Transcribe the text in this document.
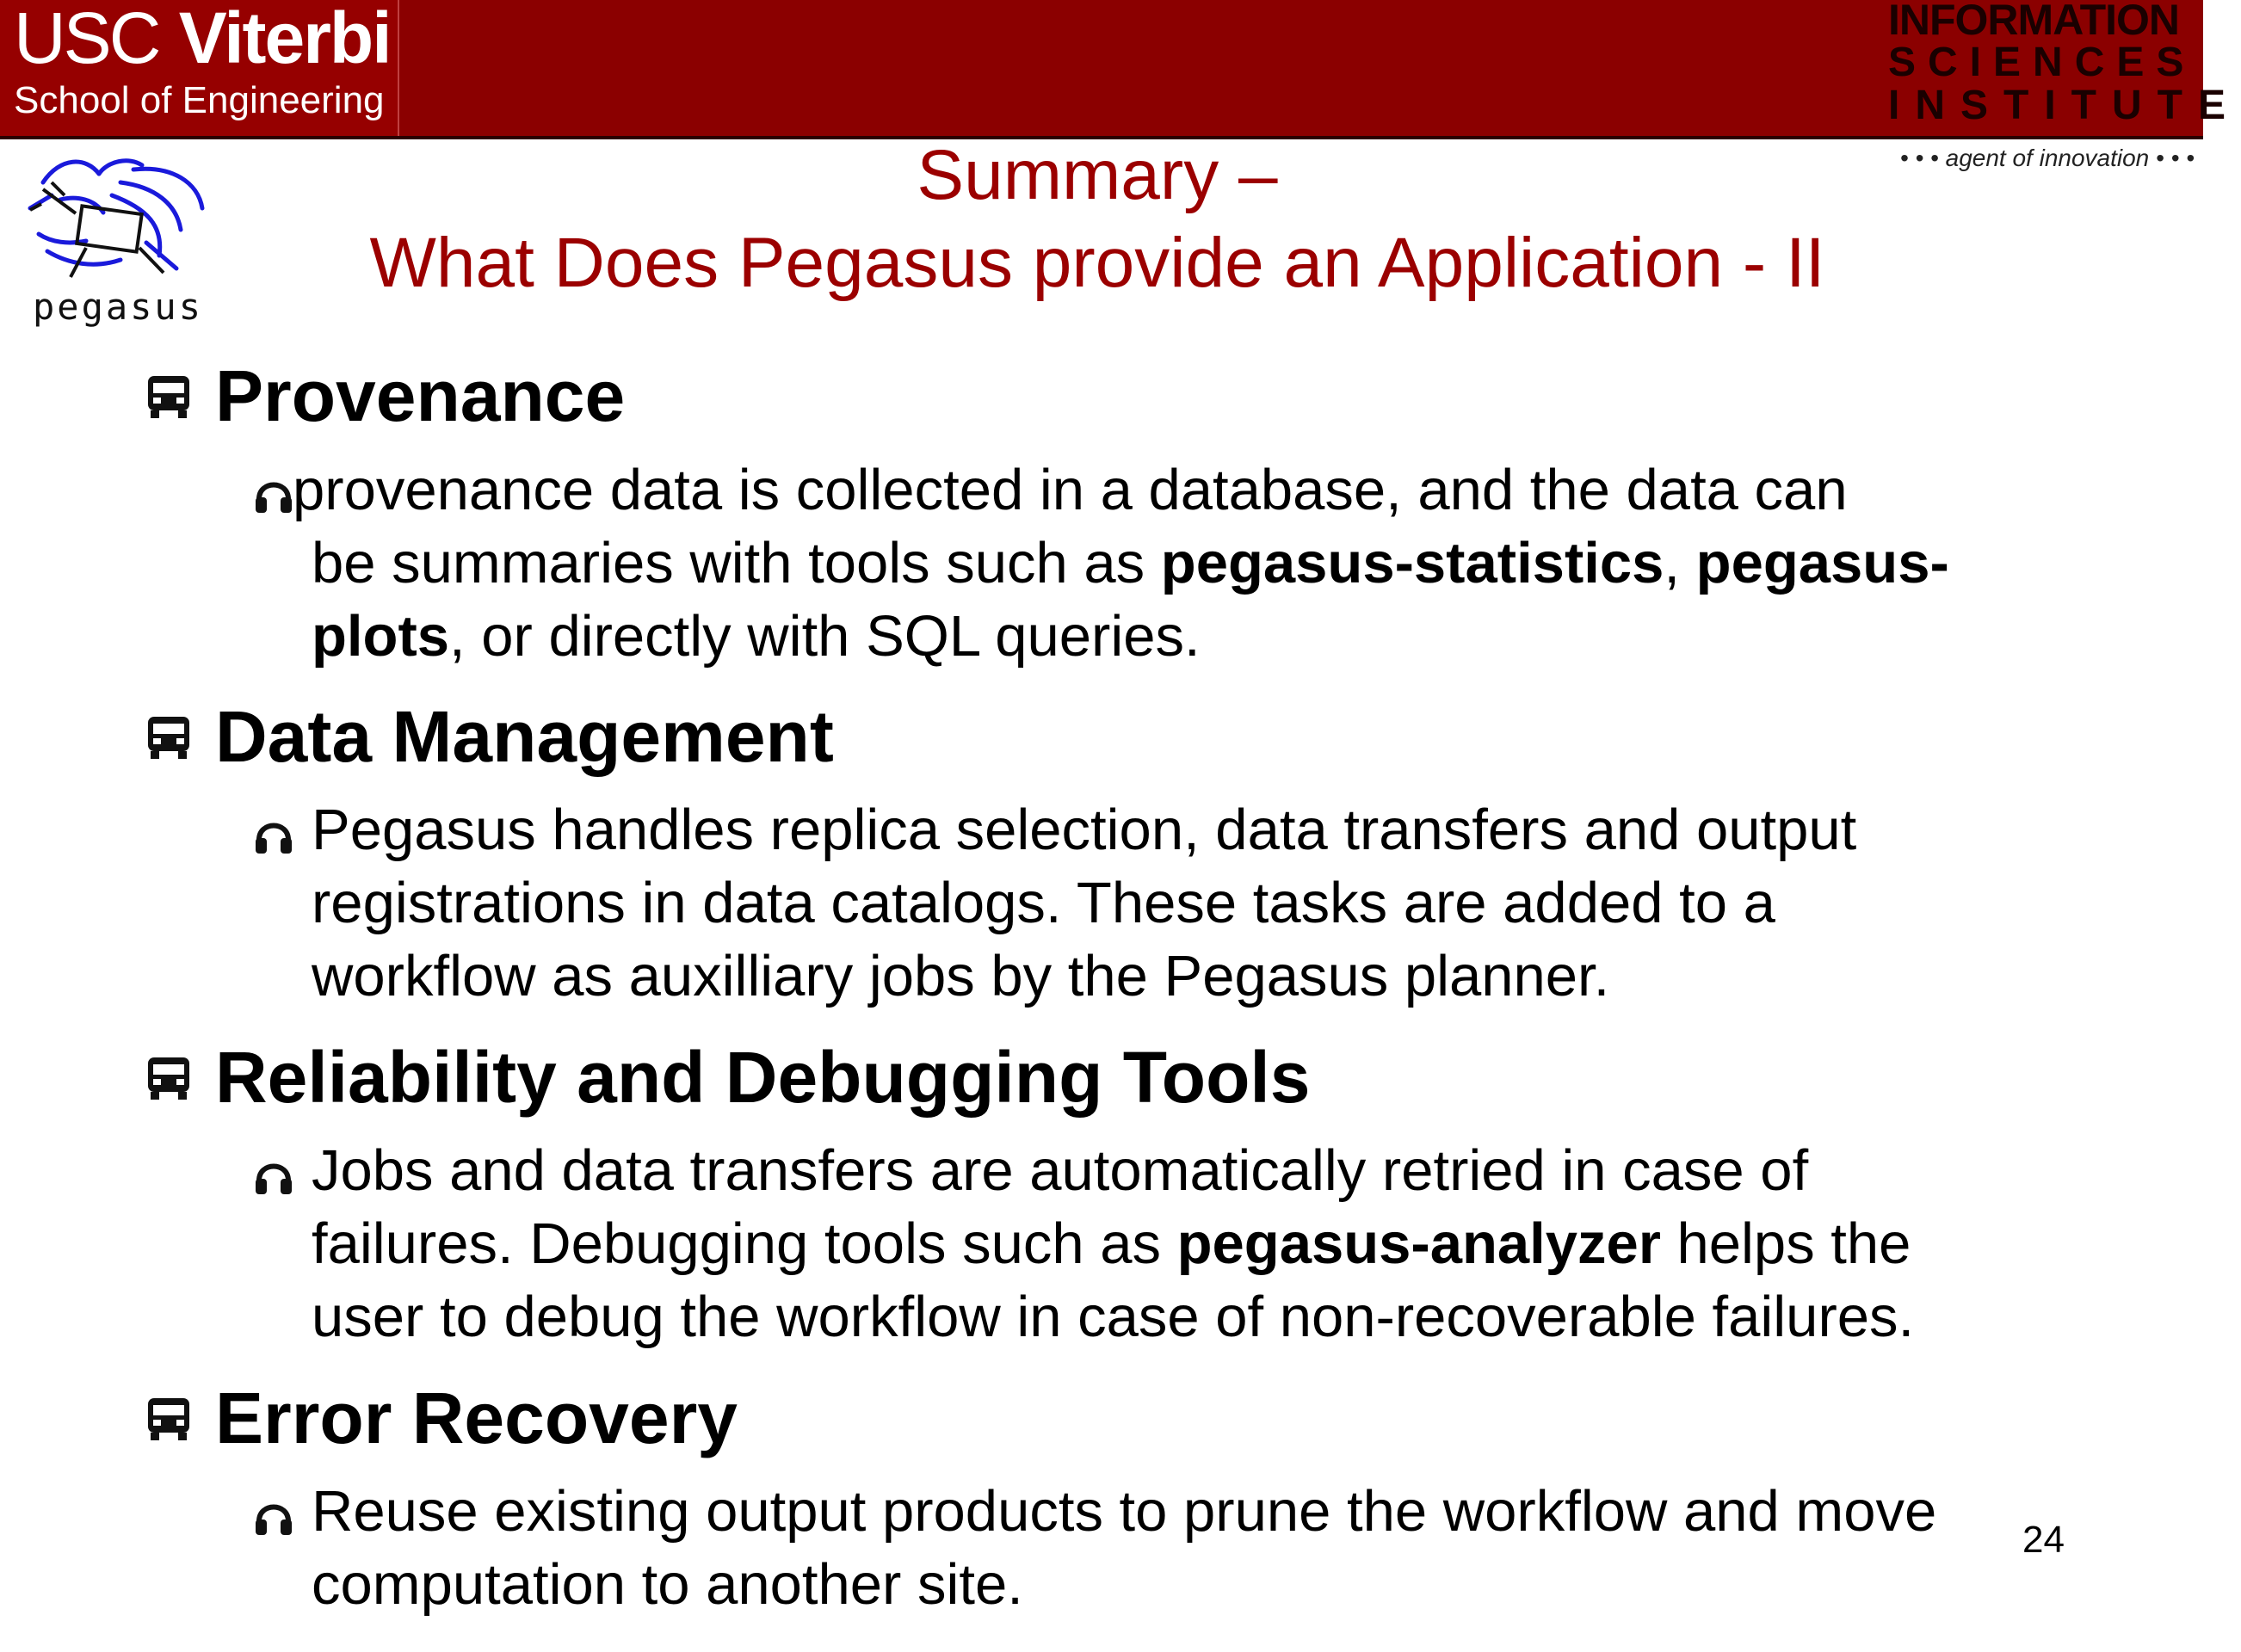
USC Viterbi
School of Engineering
INFORMATION
SCIENCES
INSTITUTE
• • • agent of innovation • • •
pegasus
Summary –
What Does Pegasus provide an Application - II
Provenance
provenance data is collected in a database, and the data can
be summaries with tools such as pegasus-statistics, pegasus-
plots, or directly with SQL queries.
Data Management
Pegasus handles replica selection, data transfers and output
registrations in data catalogs. These tasks are added to a
workflow as auxilliary jobs by the Pegasus planner.
Reliability and Debugging Tools
Jobs and data transfers are automatically retried in case of
failures. Debugging tools such as pegasus-analyzer helps the
user to debug the workflow in case of non-recoverable failures.
Error Recovery
Reuse existing output products to prune the workflow and move
computation to another site.
24
